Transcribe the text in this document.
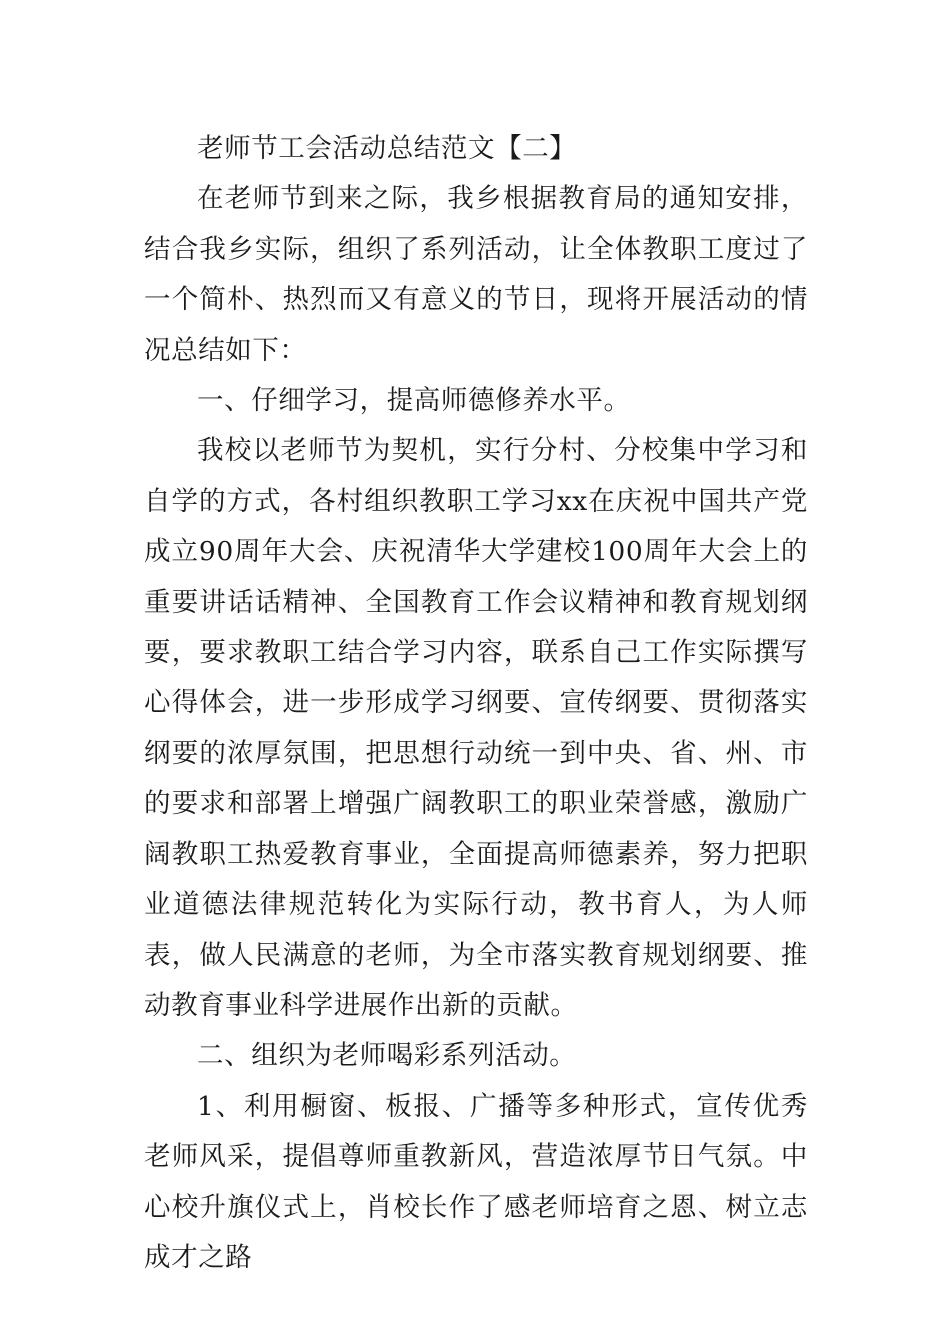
老师节工会活动总结范文【二】

在老师节到来之际，我乡根据教育局的通知安排，结合我乡实际，组织了系列活动，让全体教职工度过了一个简朴、热烈而又有意义的节日，现将开展活动的情况总结如下：

一、仔细学习，提高师德修养水平。

我校以老师节为契机，实行分村、分校集中学习和自学的方式，各村组织教职工学习xx在庆祝中国共产党成立90周年大会、庆祝清华大学建校100周年大会上的重要讲话话精神、全国教育工作会议精神和教育规划纲要，要求教职工结合学习内容，联系自己工作实际撰写心得体会，进一步形成学习纲要、宣传纲要、贯彻落实纲要的浓厚氛围，把思想行动统一到中央、省、州、市的要求和部署上增强广阔教职工的职业荣誉感，激励广阔教职工热爱教育事业，全面提高师德素养，努力把职业道德法律规范转化为实际行动，教书育人，为人师表，做人民满意的老师，为全市落实教育规划纲要、推动教育事业科学进展作出新的贡献。

二、组织为老师喝彩系列活动。

1、利用橱窗、板报、广播等多种形式，宣传优秀老师风采，提倡尊师重教新风，营造浓厚节日气氛。中心校升旗仪式上，肖校长作了感老师培育之恩、树立志成才之路
